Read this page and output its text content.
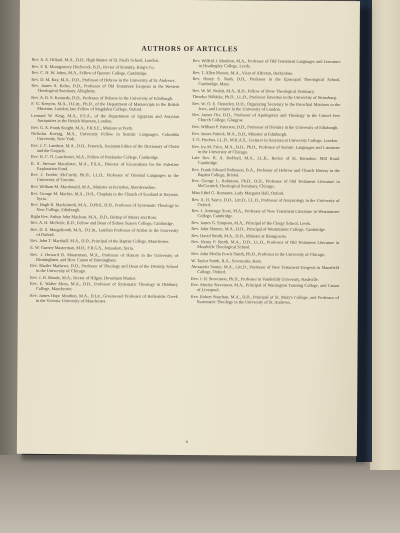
AUTHORS OF ARTICLES

Rev. A. E. Hillard, M.A., D.D., High Master of St. Paul's School, London.

Rev. F. R. Montgomery Hitchcock, B.D., Rector of Kinnitty, King's Co.

Rev. C. H. W. Johns, M.A., Fellow of Queens' College, Cambridge.

Rev. D. M. Kay, M.A., D.D., Professor of Hebrew in the University of St. Andrews.

Rev. James A. Kelso, D.D., Professor of Old Testament Exegesis in the Western Theological Seminary, Allegheny.

Rev. A. R. S. Kennedy, D.D., Professor of Hebrew in the University of Edinburgh.

F. G. Kenyon, M.A., D.Litt., Ph.D., of the Department of Manuscripts in the British Museum, London; late Fellow of Magdalen College, Oxford.

Leonard W. King, M.A., F.S.A., of the Department of Egyptian and Assyrian Antiquities in the British Museum, London.

Rev. G. A. Frank Knight, M.A., F.R.S.E., Minister at Perth.

Nicholas Koenig, M.A., University Fellow in Semitic Languages, Columbia University, New York.

Rev. J. C. Lambert, M.A., D.D., Fenwick, Assistant Editor of the Dictionary of Christ and the Gospels.

Rev. H. C. O. Lanchester, M.A., Fellow of Pembroke College, Cambridge.

R. A. Stewart Macalister, M.A., F.S.A., Director of Excavations for the Palestine Exploration Fund.

Rev. J. Fredric McCurdy, Ph.D., LL.D., Professor of Oriental Languages in the University of Toronto.

Rev. William M. Macdonald, M.A., Minister at Ferryden, Aberdeenshire.

Rev. George M. Mackie, M.A., D.D., Chaplain to the Church of Scotland at Beyrout, Syria.

Rev. Hugh R. Mackintosh, M.A., D.Phil., D.D., Professor of Systematic Theology in New College, Edinburgh.

Right Rev. Arthur John Maclean, M.A., D.D., Bishop of Moray and Ross.

Rev. A. H. McNeile, B.D., Fellow and Dean of Sidney Sussex College, Cambridge.

Rev. D. S. Margoliouth, M.A., D.Litt., Laudian Professor of Arabic in the University of Oxford.

Rev. John T. Marshall, M.A., D.D., Principal of the Baptist College, Manchester.

E. W. Gurney Masterman, M.D., F.R.G.S., Jerusalem, Syria.

Rev. J. Howard B. Masterman, M.A., Professor of History in the University of Birmingham, and Hon. Canon of Birmingham.

Rev. Shailer Mathews, D.D., Professor of Theology and Dean of the Divinity School in the University of Chicago.

Rev. J. H. Maude, M.A., Rector of Hilgay, Downham Market.

Rev. E. Walter Moss, M.A., D.D., Professor of Systematic Theology in Didsbury College, Manchester.

Rev. James Hope Moulton, M.A., D.Lit., Greenwood Professor of Hellenistic Greek in the Victoria University of Manchester.

Rev. Wilfrid J. Moulton, M.A., Professor of Old Testament Languages and Literature in Headingley College, Leeds.

Rev. T. Allen Moxon, M.A., Vicar of Alfreton, Derbyshire.

Rev. Henry S. Nash, D.D., Professor in the Episcopal Theological School, Cambridge, Mass.

Rev. W. M. Nesbit, M.A., B.D., Fellow of Drew Theological Seminary.

Theodor Nöldeke, Ph.D., LL.D., Professor Emeritus in the University of Strassburg.

Rev. W. O. E. Oesterley, D.D., Organizing Secretary to the Parochial Missions to the Jews, and Lecturer in the University of London.

Rev. James Orr, D.D., Professor of Apologetics and Theology in the United Free Church College, Glasgow.

Rev. William P. Paterson, D.D., Professor of Divinity in the University of Edinburgh.

Rev. James Patrick, M.A., B.D., Minister at Edinburgh.

T. G. Pinches, LL.D., M.R.A.S., Lecturer in Assyrian at University College, London.

Rev. Ira M. Price, M.A., B.D., Ph.D., Professor of Semitic Languages and Literature in the University of Chicago.

Late Rev. R. A. Redford, M.A., LL.B., Rector of St. Barnabas, Mill Road, Cambridge.

Rev. Frank Edward Robinson, B.A., Professor of Hebrew and Church History in the Baptist College, Bristol.

Rev. George L. Robinson, Ph.D., D.D., Professor of Old Testament Literature in McCormick Theological Seminary, Chicago.

Miss Ethel G. Romanes, Lady Margaret Hall, Oxford.

Rev. A. H. Sayce, D.D., Litt.D., LL.D., Professor of Assyriology in the University of Oxford.

Rev. J. Armitage Scott, M.A., Professor of New Testament Literature in Westminster College, Cambridge.

Rev. James G. Simpson, M.A., Principal of the Clergy School, Leeds.

Rev. John Skinner, M.A., D.D., Principal of Westminster College, Cambridge.

Rev. David Smith, M.A., D.D., Minister at Blairgowrie.

Rev. Henry P. Smith, M.A., D.D., LL.D., Professor of Old Testament Literature in Meadville Theological School.

Rev. John Merlin Powis Smith, Ph.D., Professor in the University of Chicago.

W. Taylor Smith, B.A., Sevenoaks, Kent.

Alexander Souter, M.A., Litt.D., Professor of New Testament Exegesis in Mansfield College, Oxford.

Rev. J. H. Stevenson, Ph.D., Professor in Vanderbilt University, Nashville.

Rev. Morley Stevenson, M.A., Principal of Warrington Training College, and Canon of Liverpool.

Rev. Robert Strachan, M.A., D.D., Principal of St. Mary's College, and Professor of Systematic Theology in the University of St. Andrews.

x
